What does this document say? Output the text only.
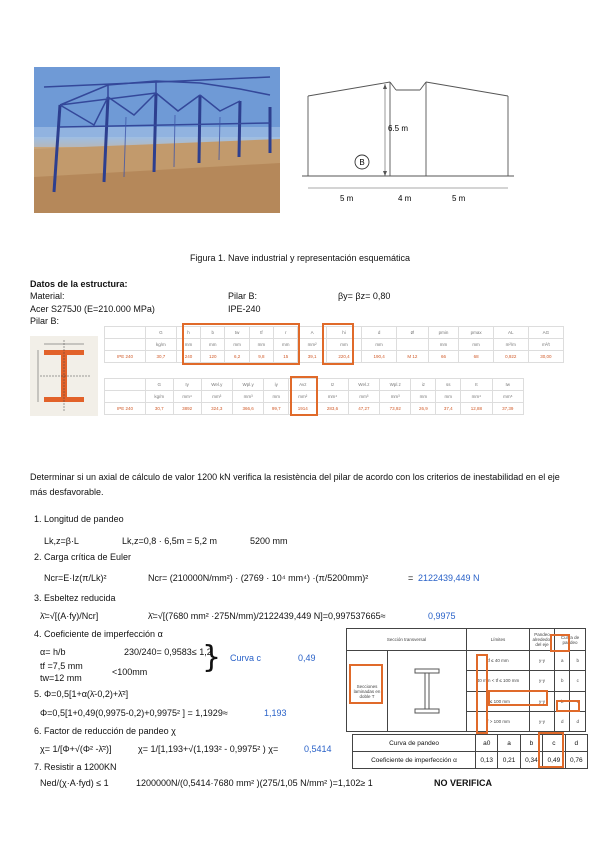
B
6.5 m
5 m	4 m	5 m
Figura 1. Nave industrial y representación esquemática
Datos de la estructura:
Material:
Acer S275J0 (E=210.000 MPa)
Pilar B:
Pilar B:
IPE-240
βy= βz= 0,80
	G	h	b	tw	tf	r	A	hi	d	Ø	pmin	pmax	AL	AG
	kg/m	mm	mm	mm	mm	mm	mm²	mm	mm		mm	mm	m²/m	m²/t
IPE 240	30,7	240	120	6,2	9,8	15	39,1	220,4	190,4	M 12	66	68	0,922	30,00
	G	Iy	Wel.y	Wpl.y	iy	Avz	Iz	Wel.z	Wpl.z	iz	ss	It	Iw
	kg/m	mm⁴	mm³	mm³	mm	mm²	mm⁴	mm³	mm³	mm	mm	mm⁴	mm⁶
IPE 240	30,7	3892	324,3	366,6	99,7	1914	283,6	47,27	73,92	26,9	37,4	12,88	37,39
Determinar si un axial de cálculo de valor 1200 kN verifica la resistència del pilar de acordo con los criterios de inestabilidad en el eje más desfavorable.
1. Longitud de pandeo
Lk,z=β·L	Lk,z=0,8 · 6,5m = 5,2 m	5200 mm
2. Carga crítica de Euler
Ncr=E·Iz(π/Lk)²	Ncr= (210000N/mm²) · (2769 · 10⁴ mm⁴) ·(π/5200mm)²	= 2122439,449 N
3. Esbeltez reducida
λ̄=√[(A·fy)/Ncr]	λ̄=√[(7680 mm² ·275N/mm)/2122439,449 N]=0,997537665≈	0,9975
4. Coeficiente de imperfección α
α= h/b	230/240= 0,9583≤ 1,2
tf =7,5 mm
tw=12 mm
<100mm } Curva c	0,49
5. Φ=0,5[1+α(λ̄-0,2)+λ̄²]
Φ=0,5[1+0,49(0,9975-0,2)+0,9975² ] = 1,1929≈	1,193
6. Factor de reducción de pandeo χ
χ= 1/[Φ+√(Φ² -λ̄²)]	χ= 1/[1,193+√(1,193² - 0,9975² ) χ=	0,5414
7. Resistir a 1200KN
Ned/(χ·A·fyd) ≤ 1	1200000N/(0,5414·7680 mm² )(275/1,05 N/mm² )=1,102≥ 1	NO VERIFICA
Sección transversal		Límites	Pandeo alrededor del eje	Curva de pandeo	
Secciones laminadas en doble T		tf ≤ 40 mm	y-y	a	b
		40 mm < tf ≤ 100 mm	y-y	b	c
		tf ≤ 100 mm	y-y	b	c
		tf > 100 mm	y-y	d	d
Curva de pandeo	a0	a	b	c	d
Coeficiente de imperfección α	0,13	0,21	0,34	0,49	0,76
